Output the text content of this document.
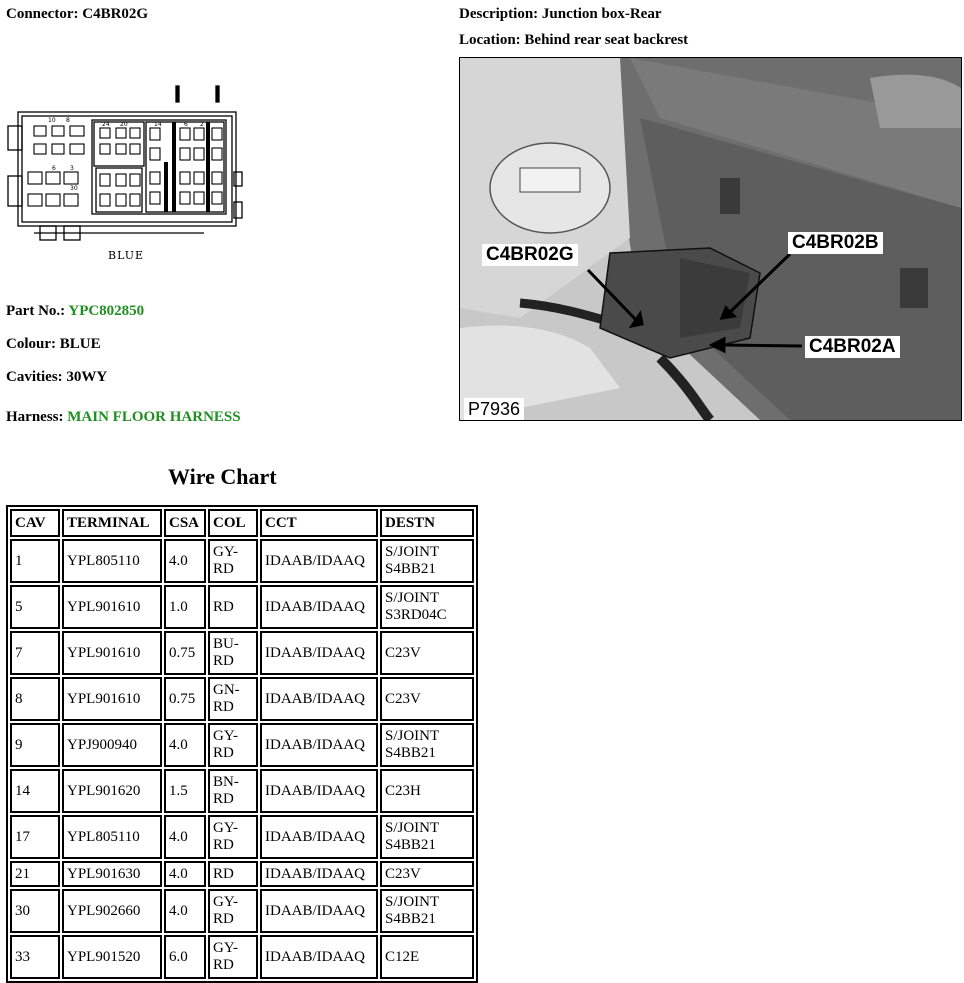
Connector: C4BR02G	Description: Junction box-Rear
Location: Behind rear seat backrest
10 8
24 20	14	6 2
6 3
30
BLUE
Part No.: YPC802850
Colour: BLUE
Cavities: 30WY
Harness: MAIN FLOOR HARNESS
C4BR02G
C4BR02B
C4BR02A
P7936
Wire Chart
CAV	TERMINAL	CSA	COL	CCT	DESTN
1	YPL805110	4.0	GY-RD	IDAAB/IDAAQ	S/JOINT S4BB21
5	YPL901610	1.0	RD	IDAAB/IDAAQ	S/JOINT S3RD04C
7	YPL901610	0.75	BU-RD	IDAAB/IDAAQ	C23V
8	YPL901610	0.75	GN-RD	IDAAB/IDAAQ	C23V
9	YPJ900940	4.0	GY-RD	IDAAB/IDAAQ	S/JOINT S4BB21
14	YPL901620	1.5	BN-RD	IDAAB/IDAAQ	C23H
17	YPL805110	4.0	GY-RD	IDAAB/IDAAQ	S/JOINT S4BB21
21	YPL901630	4.0	RD	IDAAB/IDAAQ	C23V
30	YPL902660	4.0	GY-RD	IDAAB/IDAAQ	S/JOINT S4BB21
33	YPL901520	6.0	GY-RD	IDAAB/IDAAQ	C12E
